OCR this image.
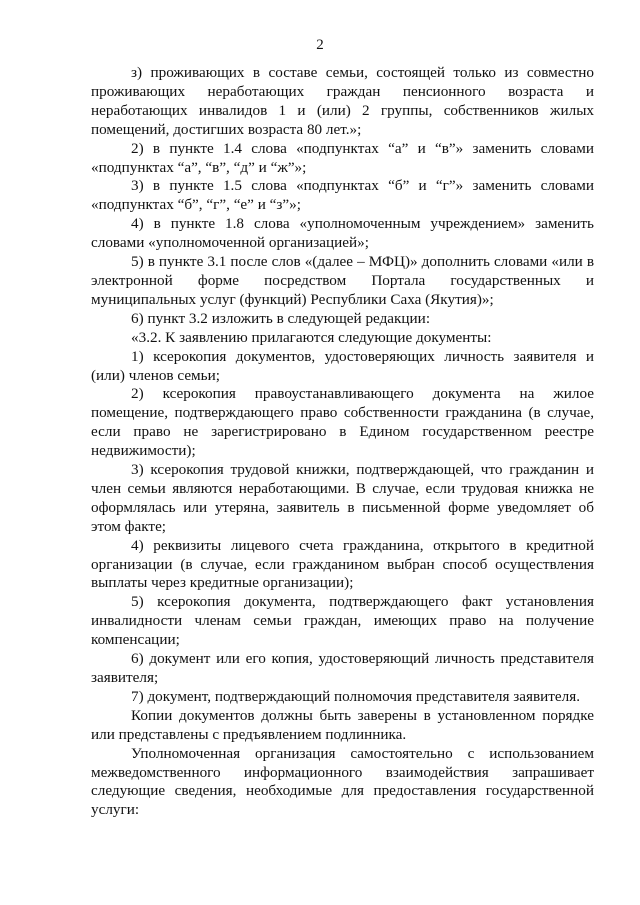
2

з) проживающих в составе семьи, состоящей только из совместно проживающих неработающих граждан пенсионного возраста и неработающих инвалидов 1 и (или) 2 группы, собственников жилых помещений, достигших возраста 80 лет.»;

2) в пункте 1.4 слова «подпунктах “а” и “в”» заменить словами «подпунктах “а”, “в”, “д” и “ж”»;

3) в пункте 1.5 слова «подпунктах “б” и “г”» заменить словами «подпунктах “б”, “г”, “е” и “з”»;

4) в пункте 1.8 слова «уполномоченным учреждением» заменить словами «уполномоченной организацией»;

5) в пункте 3.1 после слов «(далее – МФЦ)» дополнить словами «или в электронной форме посредством Портала государственных и муниципальных услуг (функций) Республики Саха (Якутия)»;

6) пункт 3.2 изложить в следующей редакции:

«3.2. К заявлению прилагаются следующие документы:

1) ксерокопия документов, удостоверяющих личность заявителя и (или) членов семьи;

2) ксерокопия правоустанавливающего документа на жилое помещение, подтверждающего право собственности гражданина (в случае, если право не зарегистрировано в Едином государственном реестре недвижимости);

3) ксерокопия трудовой книжки, подтверждающей, что гражданин и член семьи являются неработающими. В случае, если трудовая книжка не оформлялась или утеряна, заявитель в письменной форме уведомляет об этом факте;

4) реквизиты лицевого счета гражданина, открытого в кредитной организации (в случае, если гражданином выбран способ осуществления выплаты через кредитные организации);

5) ксерокопия документа, подтверждающего факт установления инвалидности членам семьи граждан, имеющих право на получение компенсации;

6) документ или его копия, удостоверяющий личность представителя заявителя;

7) документ, подтверждающий полномочия представителя заявителя.

Копии документов должны быть заверены в установленном порядке или представлены с предъявлением подлинника.

Уполномоченная организация самостоятельно с использованием межведомственного информационного взаимодействия запрашивает следующие сведения, необходимые для предоставления государственной услуги:
